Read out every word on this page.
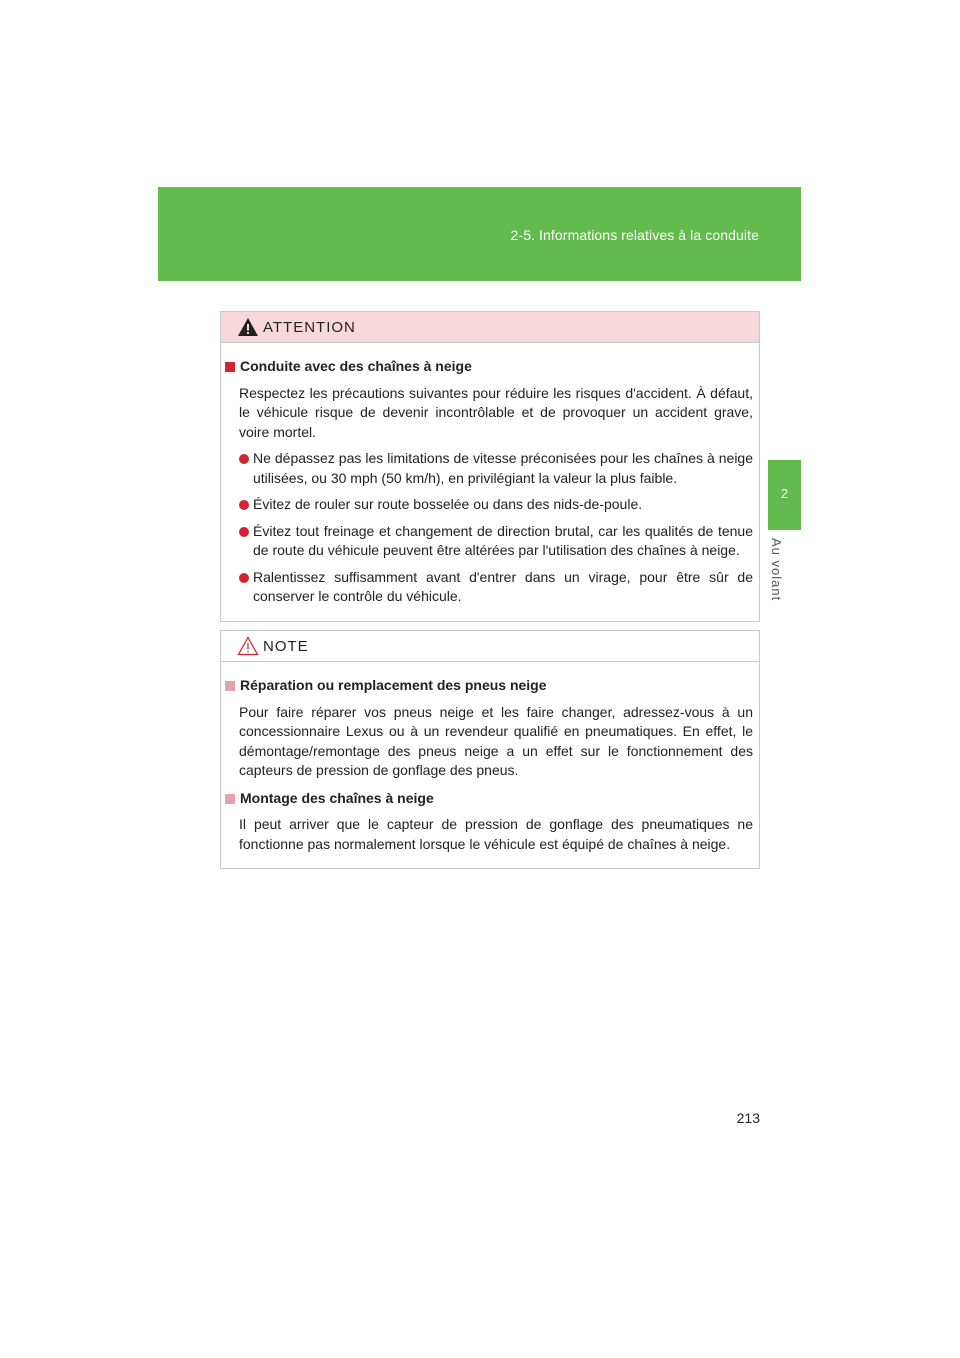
2-5. Informations relatives à la conduite
2
Au volant
ATTENTION
Conduite avec des chaînes à neige
Respectez les précautions suivantes pour réduire les risques d'accident. À défaut, le véhicule risque de devenir incontrôlable et de provoquer un accident grave, voire mortel.
Ne dépassez pas les limitations de vitesse préconisées pour les chaînes à neige utilisées, ou 30 mph (50 km/h), en privilégiant la valeur la plus faible.
Évitez de rouler sur route bosselée ou dans des nids-de-poule.
Évitez tout freinage et changement de direction brutal, car les qualités de tenue de route du véhicule peuvent être altérées par l'utilisation des chaînes à neige.
Ralentissez suffisamment avant d'entrer dans un virage, pour être sûr de conserver le contrôle du véhicule.
NOTE
Réparation ou remplacement des pneus neige
Pour faire réparer vos pneus neige et les faire changer, adressez-vous à un concessionnaire Lexus ou à un revendeur qualifié en pneumatiques. En effet, le démontage/remontage des pneus neige a un effet sur le fonctionnement des capteurs de pression de gonflage des pneus.
Montage des chaînes à neige
Il peut arriver que le capteur de pression de gonflage des pneumatiques ne fonctionne pas normalement lorsque le véhicule est équipé de chaînes à neige.
213
